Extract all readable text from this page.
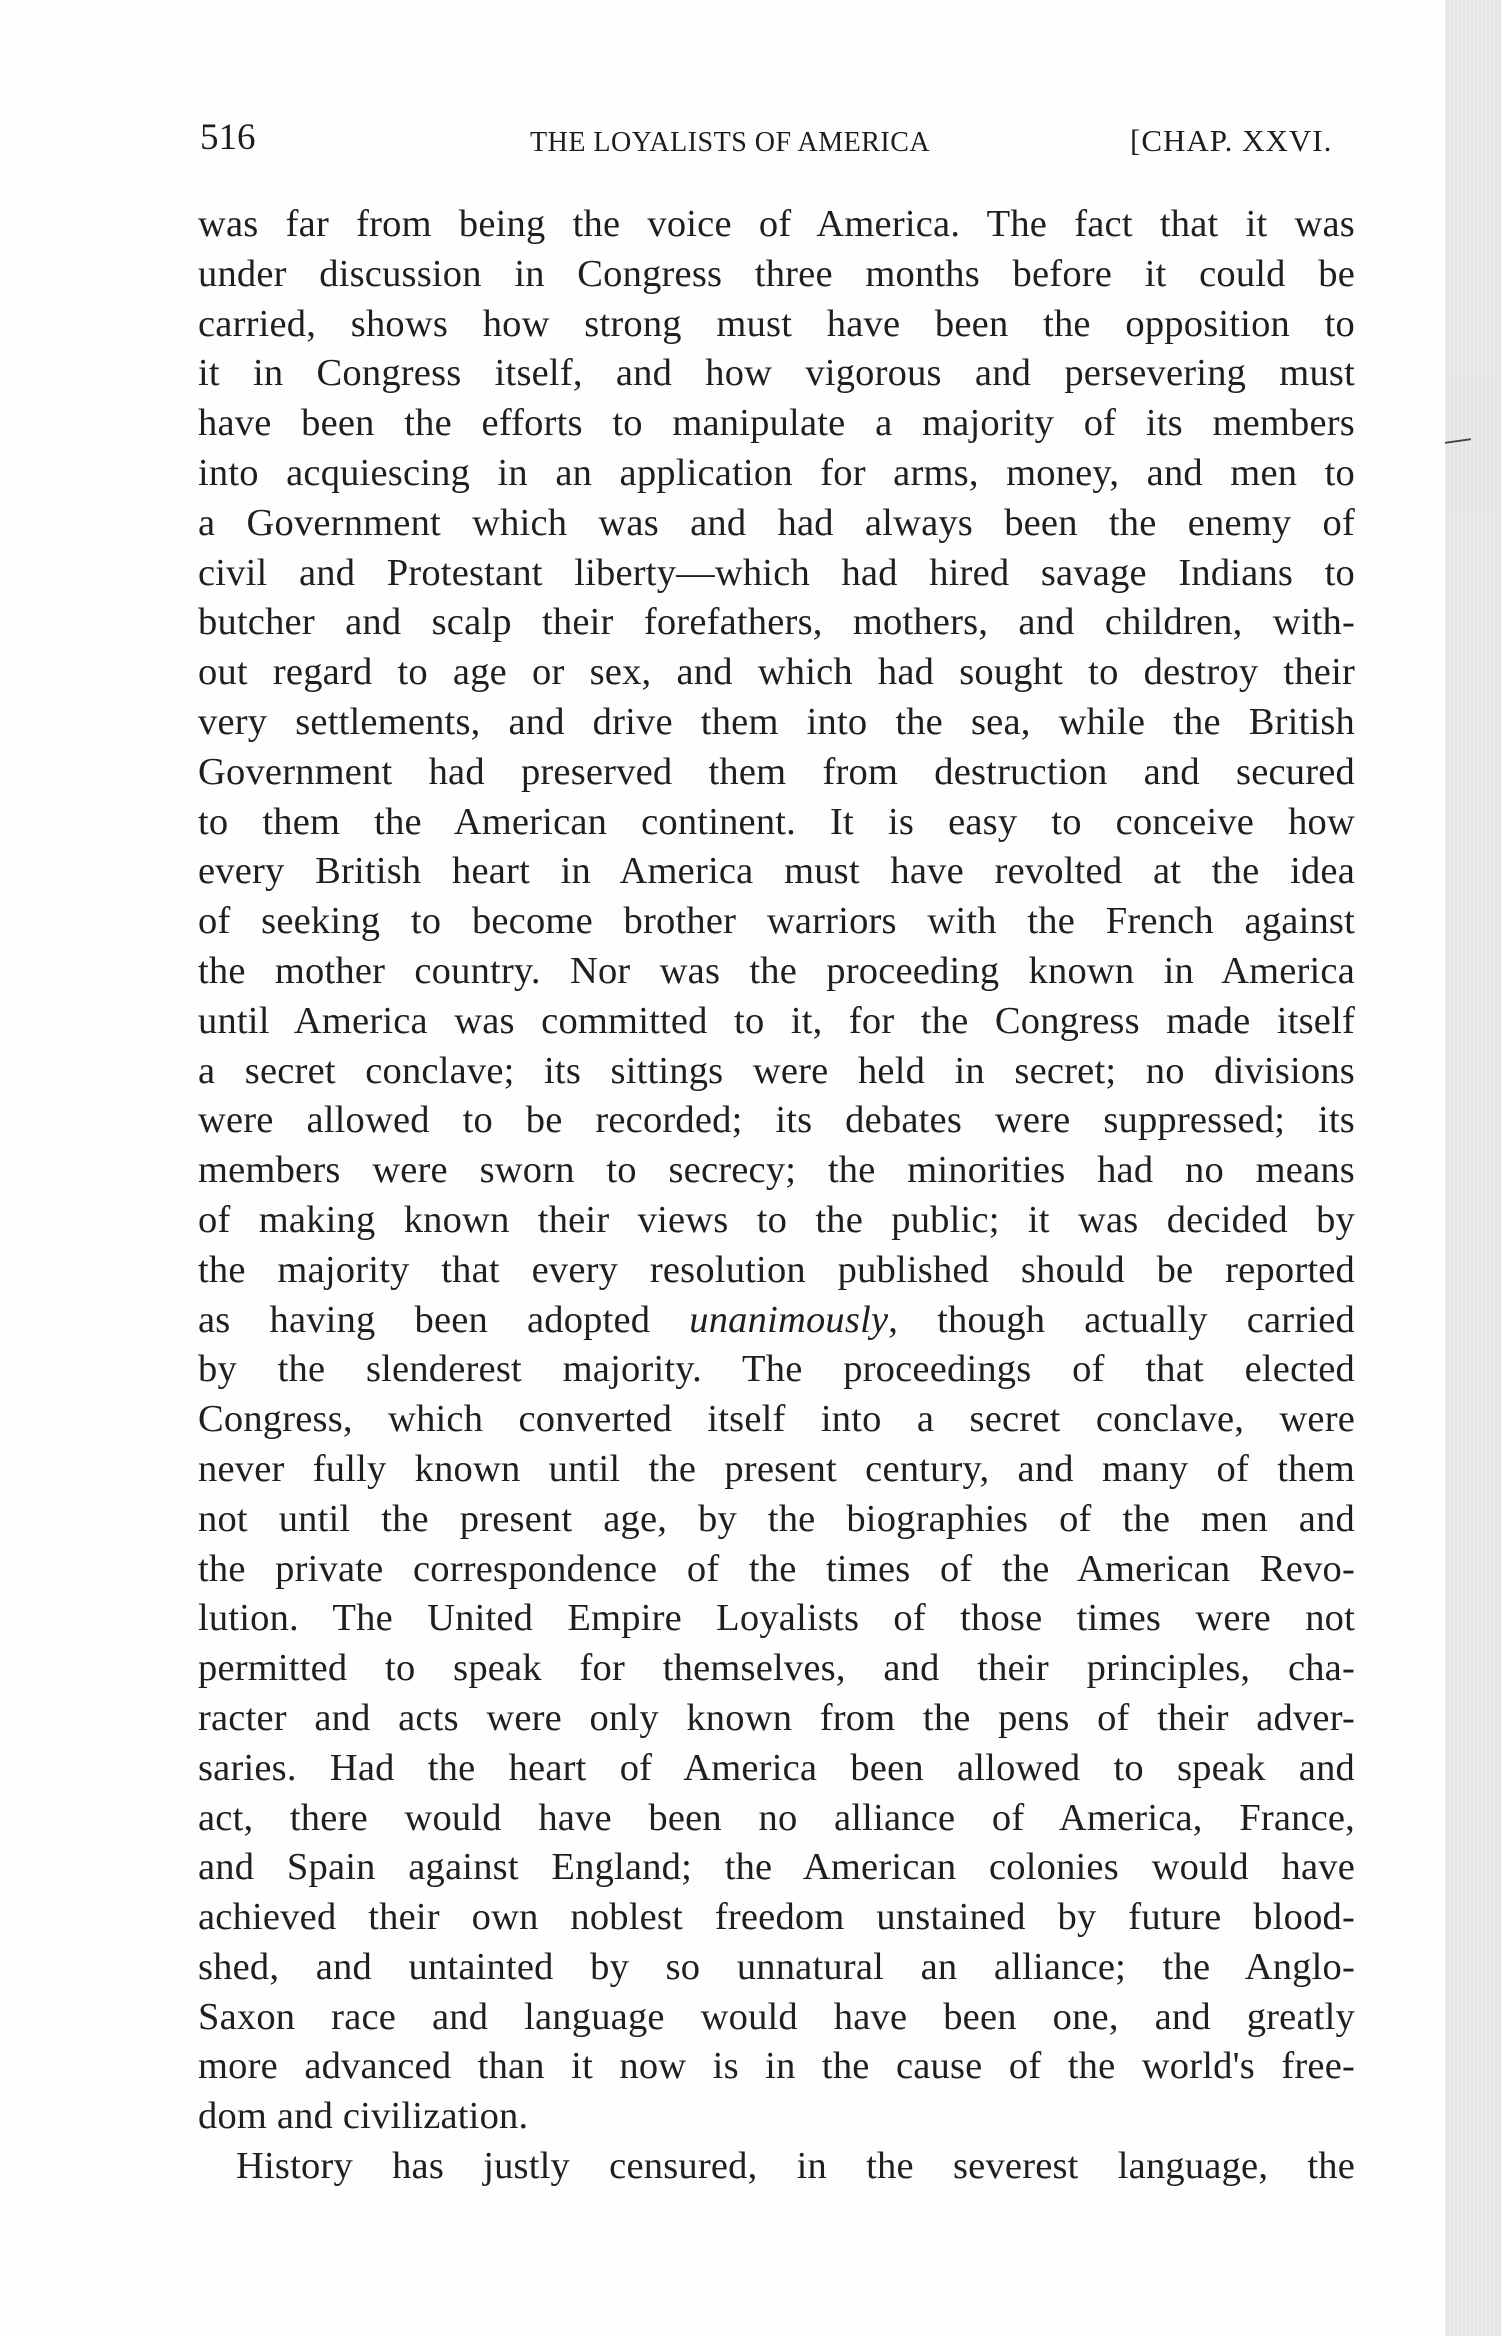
516	THE LOYALISTS OF AMERICA	[CHAP. XXVI.

was far from being the voice of America. The fact that it was
under discussion in Congress three months before it could be
carried, shows how strong must have been the opposition to
it in Congress itself, and how vigorous and persevering must
have been the efforts to manipulate a majority of its members
into acquiescing in an application for arms, money, and men to
a Government which was and had always been the enemy of
civil and Protestant liberty—which had hired savage Indians to
butcher and scalp their forefathers, mothers, and children, with-
out regard to age or sex, and which had sought to destroy their
very settlements, and drive them into the sea, while the British
Government had preserved them from destruction and secured
to them the American continent. It is easy to conceive how
every British heart in America must have revolted at the idea
of seeking to become brother warriors with the French against
the mother country. Nor was the proceeding known in America
until America was committed to it, for the Congress made itself
a secret conclave; its sittings were held in secret; no divisions
were allowed to be recorded; its debates were suppressed; its
members were sworn to secrecy; the minorities had no means
of making known their views to the public; it was decided by
the majority that every resolution published should be reported
as having been adopted unanimously, though actually carried
by the slenderest majority. The proceedings of that elected
Congress, which converted itself into a secret conclave, were
never fully known until the present century, and many of them
not until the present age, by the biographies of the men and
the private correspondence of the times of the American Revo-
lution. The United Empire Loyalists of those times were not
permitted to speak for themselves, and their principles, cha-
racter and acts were only known from the pens of their adver-
saries. Had the heart of America been allowed to speak and
act, there would have been no alliance of America, France,
and Spain against England; the American colonies would have
achieved their own noblest freedom unstained by future blood-
shed, and untainted by so unnatural an alliance; the Anglo-
Saxon race and language would have been one, and greatly
more advanced than it now is in the cause of the world's free-
dom and civilization.

History has justly censured, in the severest language, the
